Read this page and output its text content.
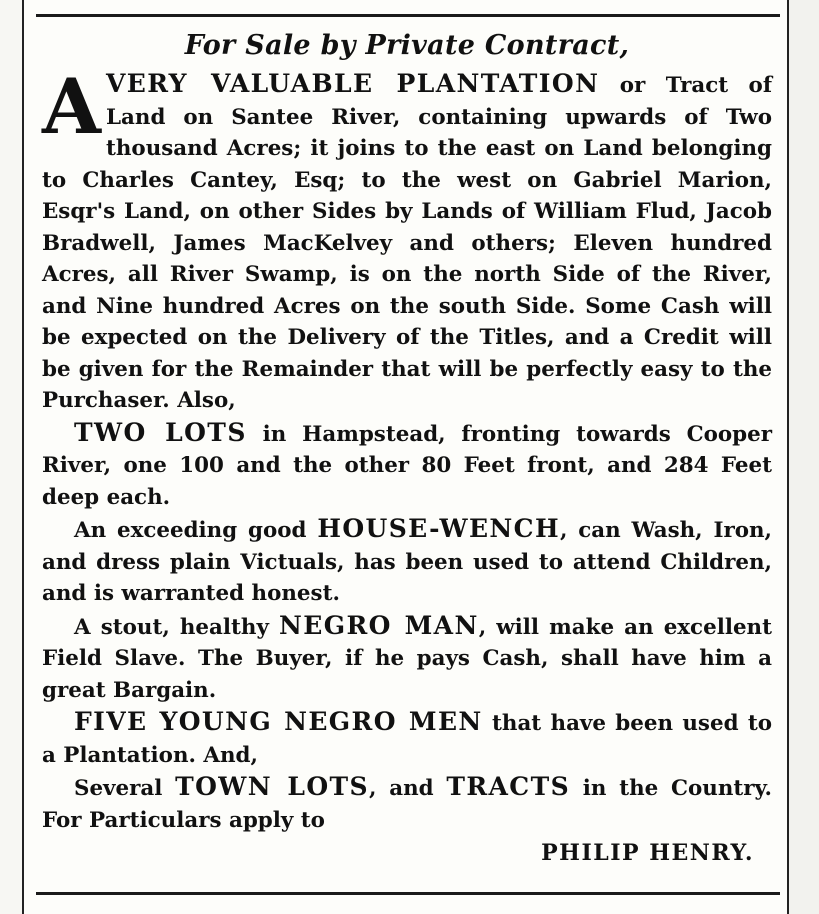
For Sale by Private Contract,

A VERY VALUABLE PLANTATION or Tract of Land on Santee River, containing upwards of Two thousand Acres; it joins to the east on Land belonging to Charles Cantey, Esq; to the west on Gabriel Marion, Esqr's Land, on other Sides by Lands of William Flud, Jacob Bradwell, James MacKelvey and others; Eleven hundred Acres, all River Swamp, is on the north Side of the River, and Nine hundred Acres on the south Side. Some Cash will be expected on the Delivery of the Titles, and a Credit will be given for the Remainder that will be perfectly easy to the Purchaser. Also,

TWO LOTS in Hampstead, fronting towards Cooper River, one 100 and the other 80 Feet front, and 284 Feet deep each.

An exceeding good HOUSE-WENCH, can Wash, Iron, and dress plain Victuals, has been used to attend Children, and is warranted honest.

A stout, healthy NEGRO MAN, will make an excellent Field Slave. The Buyer, if he pays Cash, shall have him a great Bargain.

FIVE YOUNG NEGRO MEN that have been used to a Plantation. And,

Several TOWN LOTS, and TRACTS in the Country. For Particulars apply to

PHILIP HENRY.
